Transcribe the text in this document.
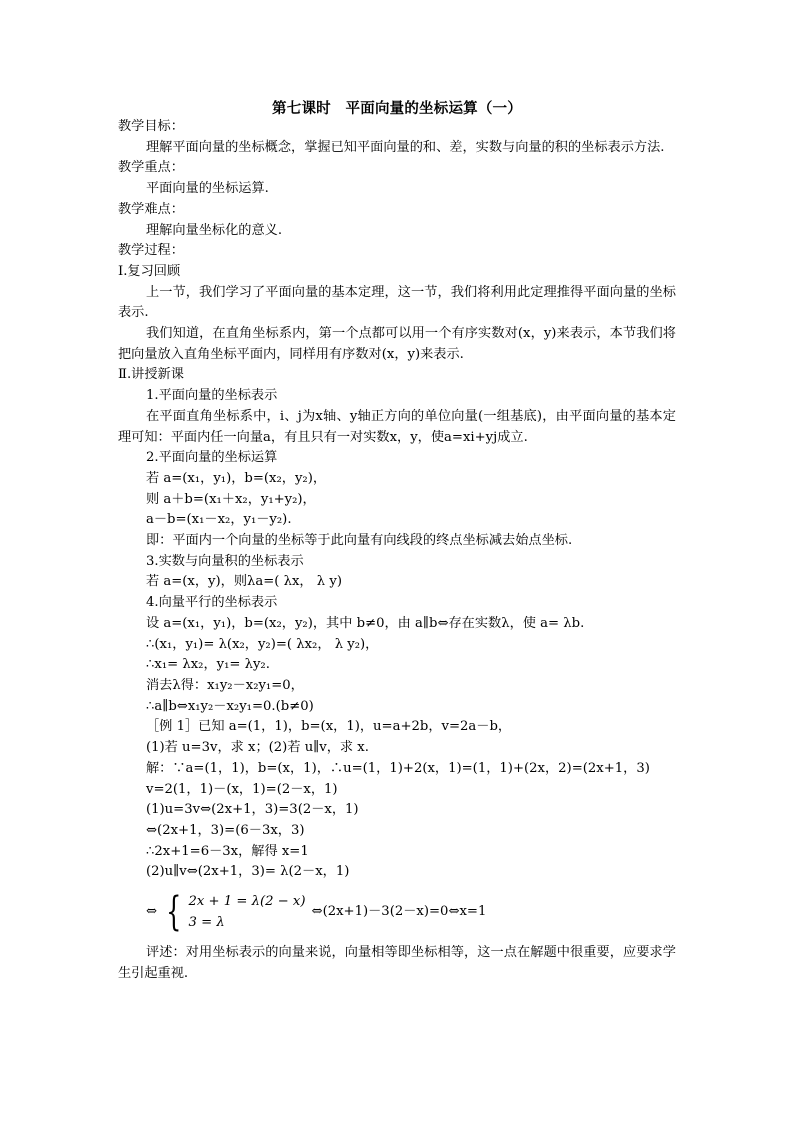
第七课时　平面向量的坐标运算（一）

教学目标：

理解平面向量的坐标概念，掌握已知平面向量的和、差，实数与向量的积的坐标表示方法.

教学重点：

平面向量的坐标运算.

教学难点：

理解向量坐标化的意义.

教学过程：

Ⅰ.复习回顾

上一节，我们学习了平面向量的基本定理，这一节，我们将利用此定理推得平面向量的坐标表示.

我们知道，在直角坐标系内，第一个点都可以用一个有序实数对(x，y)来表示，本节我们将把向量放入直角坐标平面内，同样用有序数对(x，y)来表示.

Ⅱ.讲授新课

1.平面向量的坐标表示

在平面直角坐标系中，i、j为x轴、y轴正方向的单位向量(一组基底)，由平面向量的基本定理可知：平面内任一向量a，有且只有一对实数x，y，使a=xi+yj成立.

2.平面向量的坐标运算

若 a=(x₁，y₁)，b=(x₂，y₂)，

则 a＋b=(x₁＋x₂，y₁+y₂)，

a－b=(x₁－x₂，y₁－y₂).

即：平面内一个向量的坐标等于此向量有向线段的终点坐标减去始点坐标.

3.实数与向量积的坐标表示

若 a=(x，y)，则λa=( λx， λ y)

4.向量平行的坐标表示

设 a=(x₁，y₁)，b=(x₂，y₂)，其中 b≠0，由 a∥b⇔存在实数λ，使 a= λb.

∴(x₁，y₁)= λ(x₂，y₂)=( λx₂， λ y₂)，

∴x₁= λx₂，y₁= λy₂.

消去λ得：x₁y₂－x₂y₁=0，

∴a∥b⇔x₁y₂－x₂y₁=0.(b≠0)

［例 1］已知 a=(1，1)，b=(x，1)，u=a+2b，v=2a－b，

(1)若 u=3v，求 x；(2)若 u∥v，求 x.

解：∵a=(1，1)，b=(x，1)，∴u=(1，1)+2(x，1)=(1，1)+(2x，2)=(2x+1，3)

v=2(1，1)－(x，1)=(2－x，1)

(1)u=3v⇔(2x+1，3)=3(2－x，1)

⇔(2x+1，3)=(6－3x，3)

∴2x+1=6－3x，解得 x=1

(2)u∥v⇔(2x+1，3)= λ(2－x，1)

⇔ { 2x + 1 = λ(2 − x)
3 = λ
⇔(2x+1)－3(2－x)=0⇔x=1

评述：对用坐标表示的向量来说，向量相等即坐标相等，这一点在解题中很重要，应要求学生引起重视.
